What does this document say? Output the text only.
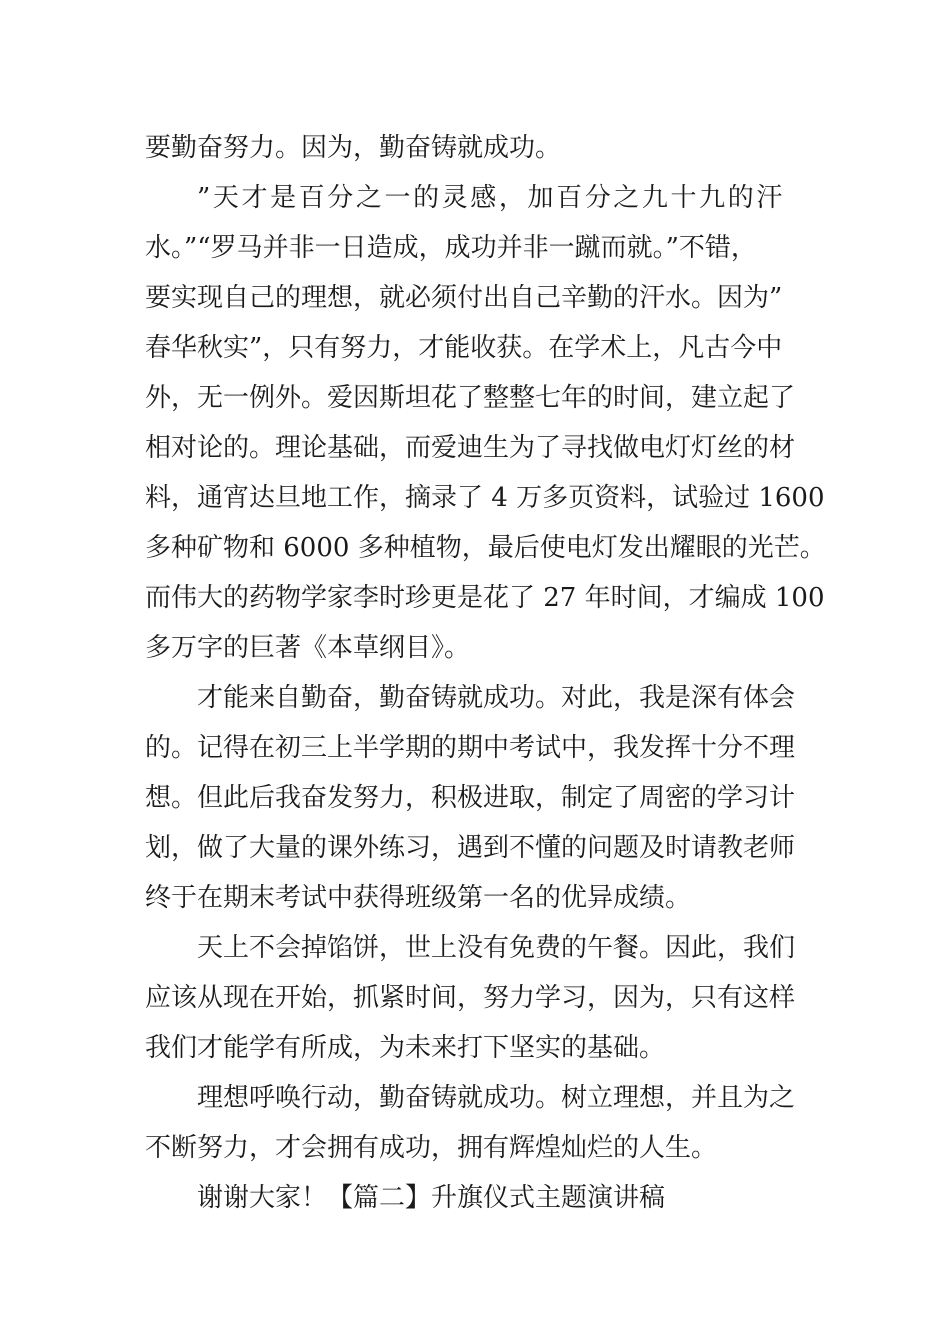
要勤奋努力。因为，勤奋铸就成功。
”天才是百分之一的灵感，加百分之九十九的汗
水。”“罗马并非一日造成，成功并非一蹴而就。”不错，
要实现自己的理想，就必须付出自己辛勤的汗水。因为”
春华秋实”，只有努力，才能收获。在学术上，凡古今中
外，无一例外。爱因斯坦花了整整七年的时间，建立起了
相对论的。理论基础，而爱迪生为了寻找做电灯灯丝的材
料，通宵达旦地工作，摘录了 4 万多页资料，试验过 1600
多种矿物和 6000 多种植物，最后使电灯发出耀眼的光芒。
而伟大的药物学家李时珍更是花了 27 年时间，才编成 100
多万字的巨著《本草纲目》。
才能来自勤奋，勤奋铸就成功。对此，我是深有体会
的。记得在初三上半学期的期中考试中，我发挥十分不理
想。但此后我奋发努力，积极进取，制定了周密的学习计
划，做了大量的课外练习，遇到不懂的问题及时请教老师
终于在期末考试中获得班级第一名的优异成绩。
天上不会掉馅饼，世上没有免费的午餐。因此，我们
应该从现在开始，抓紧时间，努力学习，因为，只有这样
我们才能学有所成，为未来打下坚实的基础。
理想呼唤行动，勤奋铸就成功。树立理想，并且为之
不断努力，才会拥有成功，拥有辉煌灿烂的人生。
谢谢大家！【篇二】升旗仪式主题演讲稿
